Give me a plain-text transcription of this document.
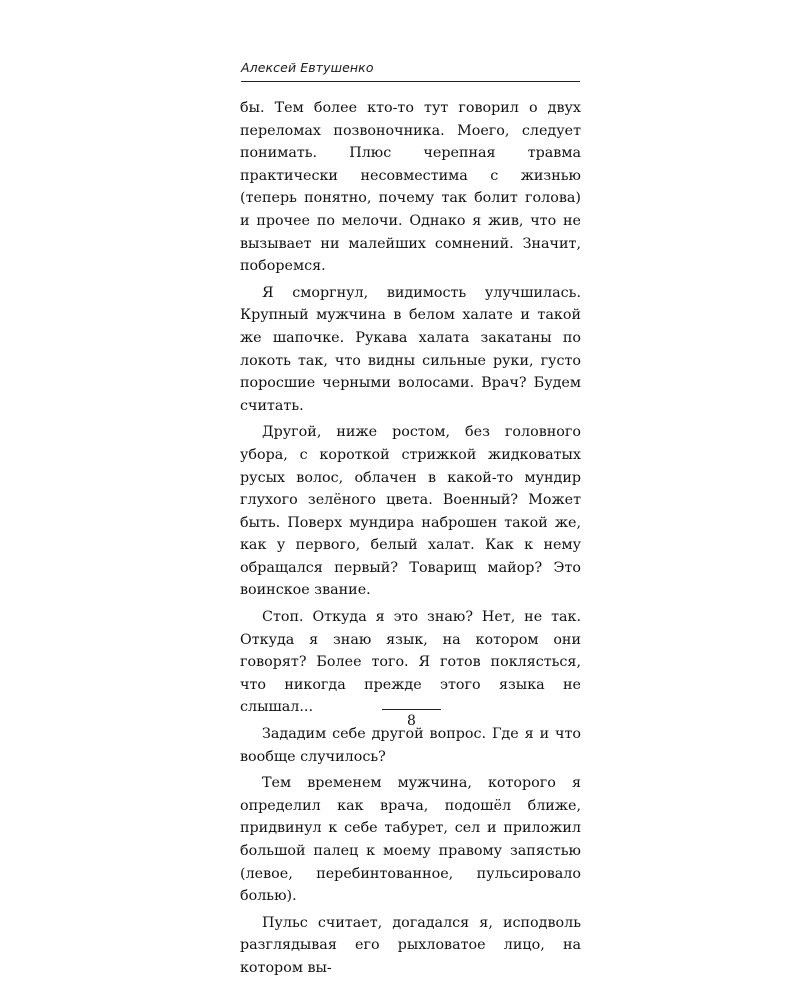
Алексей Евтушенко

бы. Тем более кто-то тут говорил о двух переломах позвоночника. Моего, следует понимать. Плюс черепная травма практически несовместима с жизнью (теперь понятно, почему так болит голова) и прочее по мелочи. Однако я жив, что не вызывает ни малейших сомнений. Значит, поборемся.

Я сморгнул, видимость улучшилась. Крупный мужчина в белом халате и такой же шапочке. Рукава халата закатаны по локоть так, что видны сильные руки, густо поросшие черными волосами. Врач? Будем считать.

Другой, ниже ростом, без головного убора, с короткой стрижкой жидковатых русых волос, облачен в какой-то мундир глухого зелёного цвета. Военный? Может быть. Поверх мундира наброшен такой же, как у первого, белый халат. Как к нему обращался первый? Товарищ майор? Это воинское звание.

Стоп. Откуда я это знаю? Нет, не так. Откуда я знаю язык, на котором они говорят? Более того. Я готов поклясться, что никогда прежде этого языка не слышал...

Зададим себе другой вопрос. Где я и что вообще случилось?

Тем временем мужчина, которого я определил как врача, подошёл ближе, придвинул к себе табурет, сел и приложил большой палец к моему правому запястью (левое, перебинтованное, пульсировало болью).

Пульс считает, догадался я, исподволь разглядывая его рыхловатое лицо, на котором вы-

8
